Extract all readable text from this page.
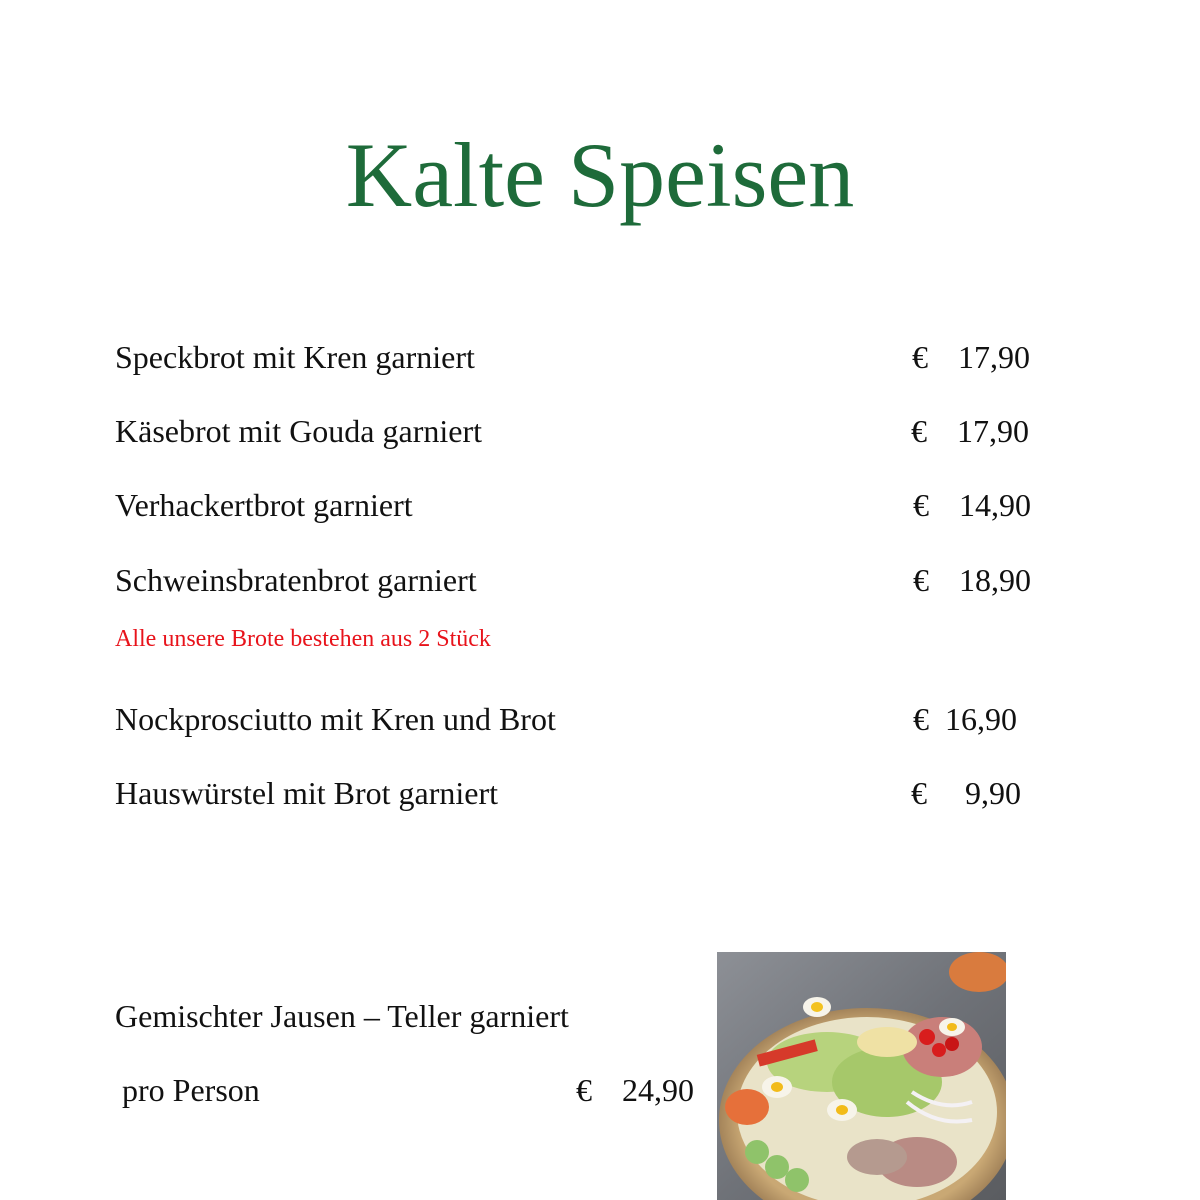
Kalte Speisen
Speckbrot mit Kren garniert	€ 17,90
Käsebrot mit Gouda garniert	€ 17,90
Verhackertbrot garniert	€ 14,90
Schweinsbratenbrot garniert	€ 18,90
Alle unsere Brote bestehen aus 2 Stück
Nockprosciutto mit Kren und Brot	€ 16,90
Hauswürstel mit Brot garniert	€ 9,90
Gemischter Jausen – Teller garniert
pro Person	€ 24,90
